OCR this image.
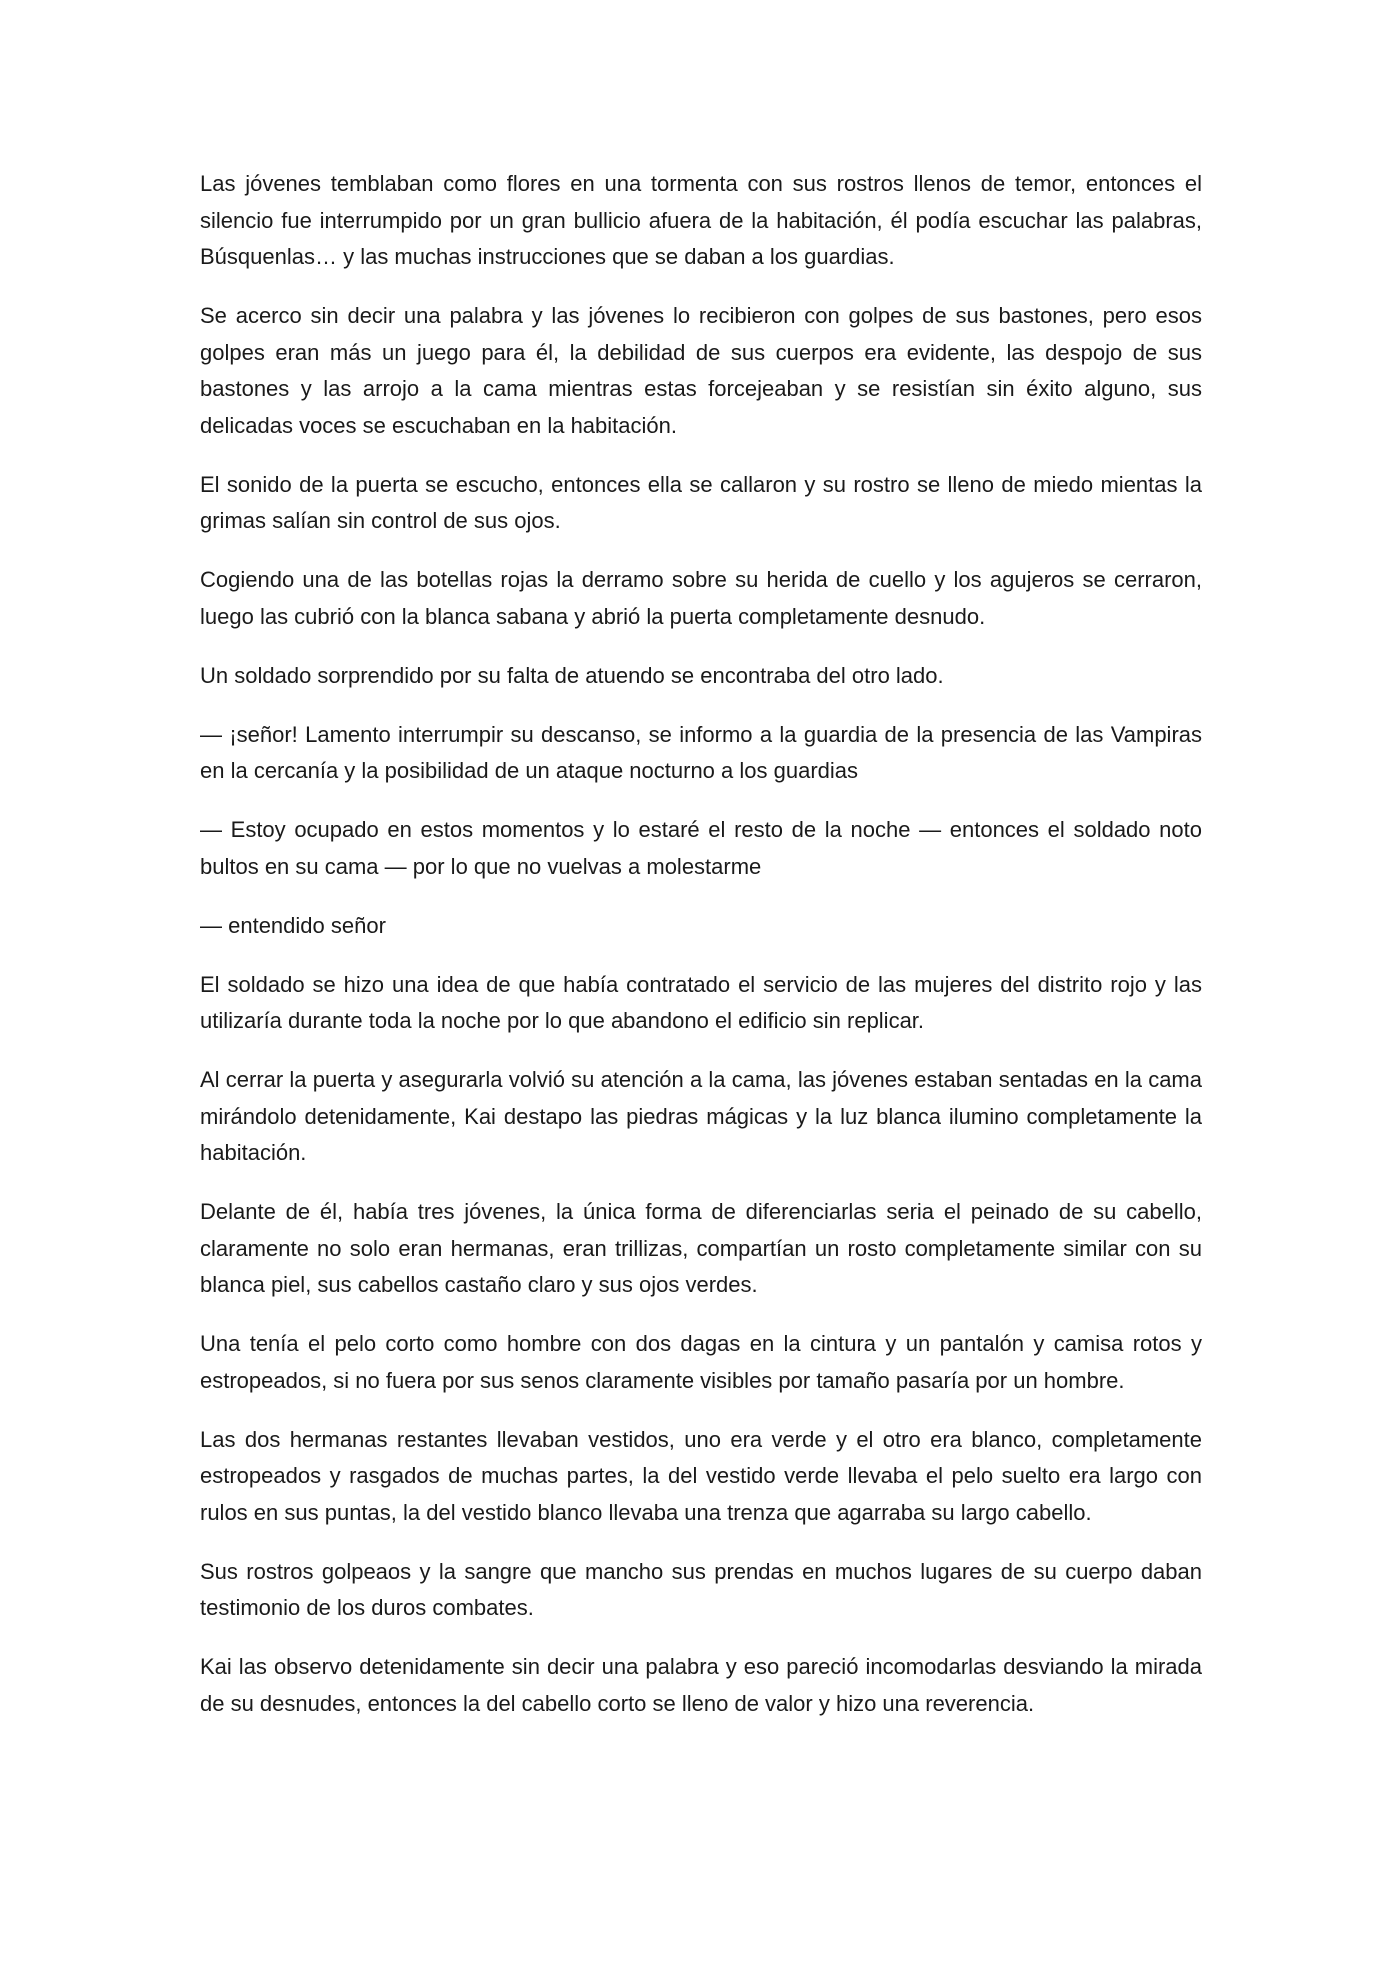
Las jóvenes temblaban como flores en una tormenta con sus rostros llenos de temor, entonces el silencio fue interrumpido por un gran bullicio afuera de la habitación, él podía escuchar las palabras, Búsquenlas… y las muchas instrucciones que se daban a los guardias.

Se acerco sin decir una palabra y las jóvenes lo recibieron con golpes de sus bastones, pero esos golpes eran más un juego para él, la debilidad de sus cuerpos era evidente, las despojo de sus bastones y las arrojo a la cama mientras estas forcejeaban y se resistían sin éxito alguno, sus delicadas voces se escuchaban en la habitación.

El sonido de la puerta se escucho, entonces ella se callaron y su rostro se lleno de miedo mientas la grimas salían sin control de sus ojos.

Cogiendo una de las botellas rojas la derramo sobre su herida de cuello y los agujeros se cerraron, luego las cubrió con la blanca sabana y abrió la puerta completamente desnudo.

Un soldado sorprendido por su falta de atuendo se encontraba del otro lado.

— ¡señor! Lamento interrumpir su descanso, se informo a la guardia de la presencia de las Vampiras en la cercanía y la posibilidad de un ataque nocturno a los guardias

— Estoy ocupado en estos momentos y lo estaré el resto de la noche — entonces el soldado noto bultos en su cama — por lo que no vuelvas a molestarme

— entendido señor

El soldado se hizo una idea de que había contratado el servicio de las mujeres del distrito rojo y las utilizaría durante toda la noche por lo que abandono el edificio sin replicar.

Al cerrar la puerta y asegurarla volvió su atención a la cama, las jóvenes estaban sentadas en la cama mirándolo detenidamente, Kai destapo las piedras mágicas y la luz blanca ilumino completamente la habitación.

Delante de él, había tres jóvenes, la única forma de diferenciarlas seria el peinado de su cabello, claramente no solo eran hermanas, eran trillizas, compartían un rosto completamente similar con su blanca piel, sus cabellos castaño claro y sus ojos verdes.

Una tenía el pelo corto como hombre con dos dagas en la cintura y un pantalón y camisa rotos y estropeados, si no fuera por sus senos claramente visibles por tamaño pasaría por un hombre.

Las dos hermanas restantes llevaban vestidos, uno era verde y el otro era blanco, completamente estropeados y rasgados de muchas partes, la del vestido verde llevaba el pelo suelto era largo con rulos en sus puntas, la del vestido blanco llevaba una trenza que agarraba su largo cabello.

Sus rostros golpeaos y la sangre que mancho sus prendas en muchos lugares de su cuerpo daban testimonio de los duros combates.

Kai las observo detenidamente sin decir una palabra y eso pareció incomodarlas desviando la mirada de su desnudes, entonces la del cabello corto se lleno de valor y hizo una reverencia.
